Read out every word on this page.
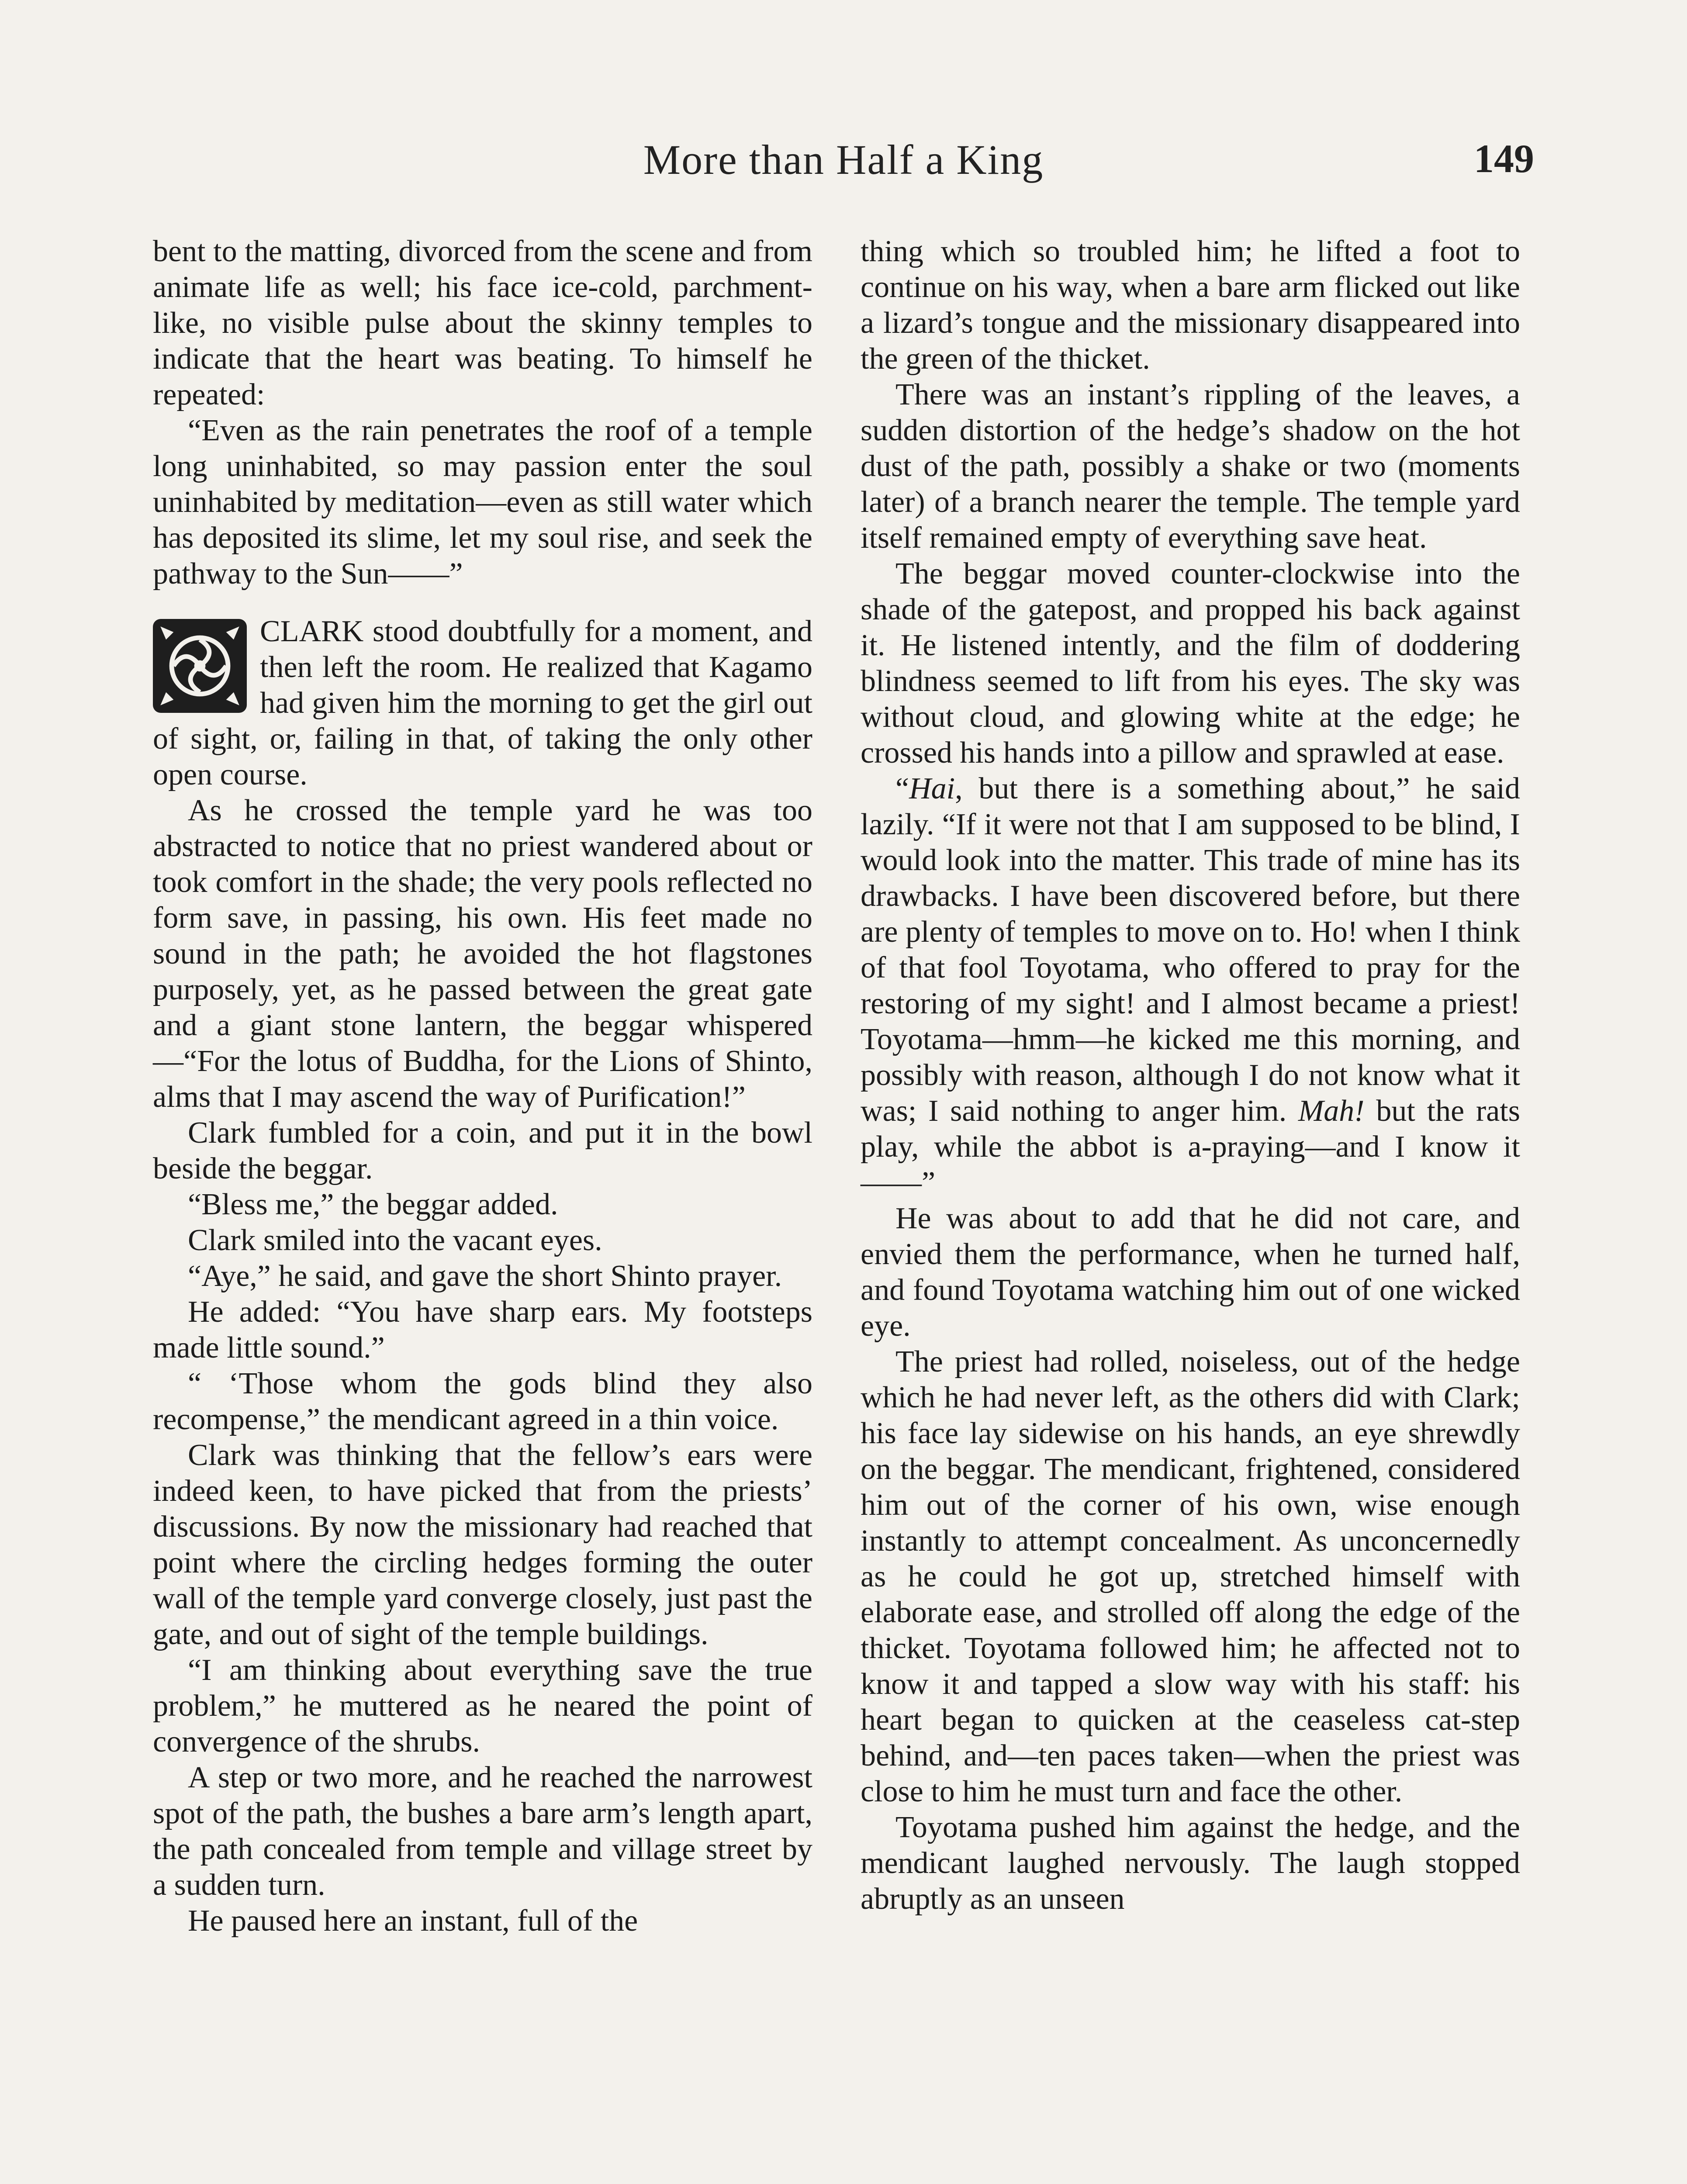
More than Half a King	149

bent to the matting, divorced from the scene and from animate life as well; his face ice-cold, parchment-like, no visible pulse about the skinny temples to indicate that the heart was beating. To himself he repeated:

“Even as the rain penetrates the roof of a temple long uninhabited, so may passion enter the soul uninhabited by meditation—even as still water which has deposited its slime, let my soul rise, and seek the pathway to the Sun——”

CLARK stood doubtfully for a moment, and then left the room. He realized that Kagamo had given him the morning to get the girl out of sight, or, failing in that, of taking the only other open course.

As he crossed the temple yard he was too abstracted to notice that no priest wandered about or took comfort in the shade; the very pools reflected no form save, in passing, his own. His feet made no sound in the path; he avoided the hot flagstones purposely, yet, as he passed between the great gate and a giant stone lantern, the beggar whispered—“For the lotus of Buddha, for the Lions of Shinto, alms that I may ascend the way of Purification!”

Clark fumbled for a coin, and put it in the bowl beside the beggar.

“Bless me,” the beggar added.

Clark smiled into the vacant eyes.

“Aye,” he said, and gave the short Shinto prayer.

He added: “You have sharp ears. My footsteps made little sound.”

“ ‘Those whom the gods blind they also recompense,” the mendicant agreed in a thin voice.

Clark was thinking that the fellow’s ears were indeed keen, to have picked that from the priests’ discussions. By now the missionary had reached that point where the circling hedges forming the outer wall of the temple yard converge closely, just past the gate, and out of sight of the temple buildings.

“I am thinking about everything save the true problem,” he muttered as he neared the point of convergence of the shrubs.

A step or two more, and he reached the narrowest spot of the path, the bushes a bare arm’s length apart, the path concealed from temple and village street by a sudden turn.

He paused here an instant, full of the

thing which so troubled him; he lifted a foot to continue on his way, when a bare arm flicked out like a lizard’s tongue and the missionary disappeared into the green of the thicket.

There was an instant’s rippling of the leaves, a sudden distortion of the hedge’s shadow on the hot dust of the path, possibly a shake or two (moments later) of a branch nearer the temple. The temple yard itself remained empty of everything save heat.

The beggar moved counter-clockwise into the shade of the gatepost, and propped his back against it. He listened intently, and the film of doddering blindness seemed to lift from his eyes. The sky was without cloud, and glowing white at the edge; he crossed his hands into a pillow and sprawled at ease.

“Hai, but there is a something about,” he said lazily. “If it were not that I am supposed to be blind, I would look into the matter. This trade of mine has its drawbacks. I have been discovered before, but there are plenty of temples to move on to. Ho! when I think of that fool Toyotama, who offered to pray for the restoring of my sight! and I almost became a priest! Toyotama—hmm—he kicked me this morning, and possibly with reason, although I do not know what it was; I said nothing to anger him. Mah! but the rats play, while the abbot is a-praying—and I know it——”

He was about to add that he did not care, and envied them the performance, when he turned half, and found Toyotama watching him out of one wicked eye.

The priest had rolled, noiseless, out of the hedge which he had never left, as the others did with Clark; his face lay sidewise on his hands, an eye shrewdly on the beggar. The mendicant, frightened, considered him out of the corner of his own, wise enough instantly to attempt concealment. As unconcernedly as he could he got up, stretched himself with elaborate ease, and strolled off along the edge of the thicket. Toyotama followed him; he affected not to know it and tapped a slow way with his staff: his heart began to quicken at the ceaseless cat-step behind, and—ten paces taken—when the priest was close to him he must turn and face the other.

Toyotama pushed him against the hedge, and the mendicant laughed nervously. The laugh stopped abruptly as an unseen
